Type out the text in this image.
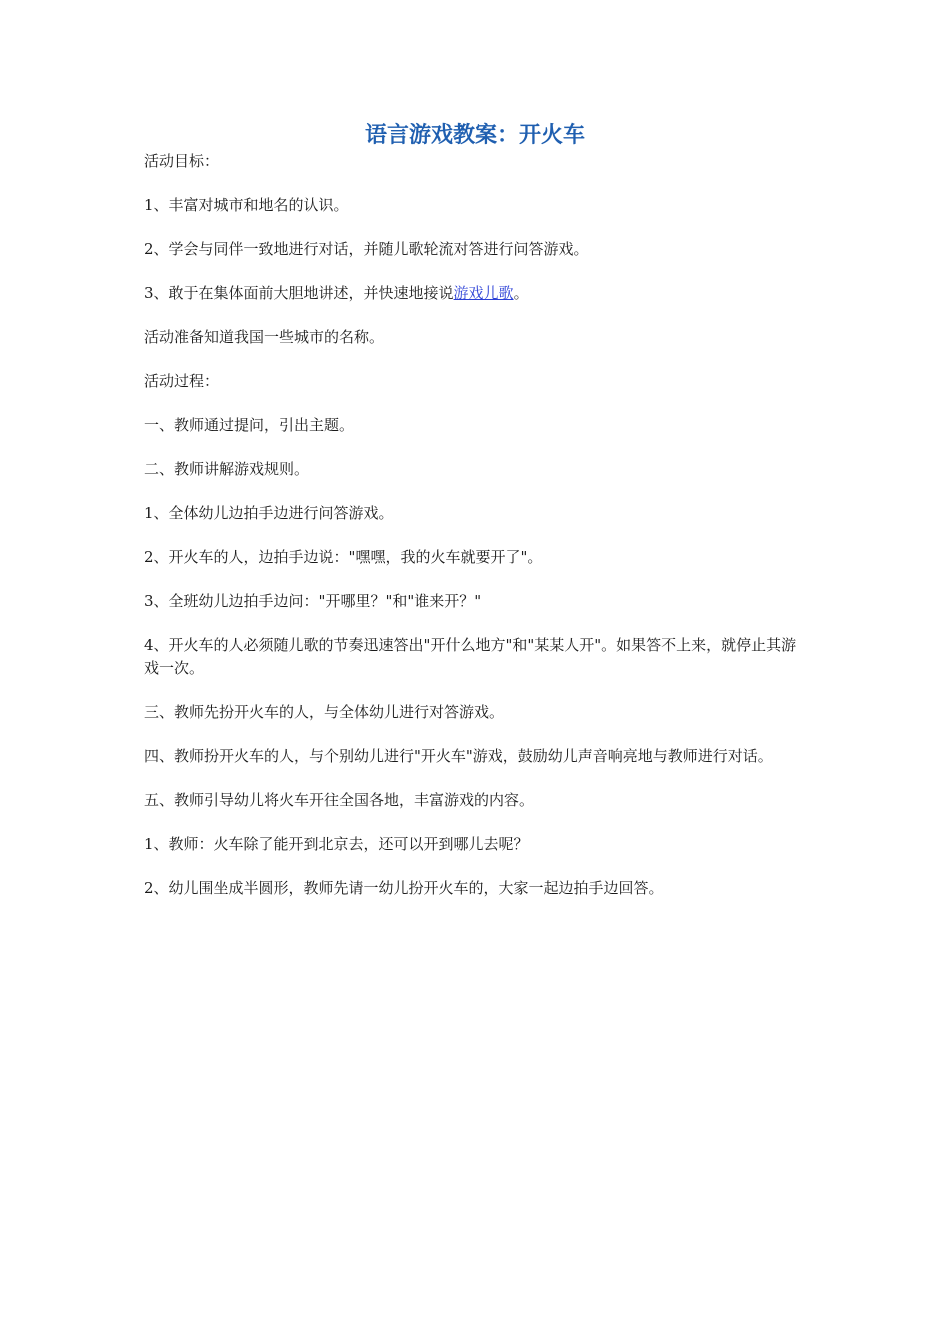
语言游戏教案：开火车

活动目标：

1、丰富对城市和地名的认识。

2、学会与同伴一致地进行对话，并随儿歌轮流对答进行问答游戏。

3、敢于在集体面前大胆地讲述，并快速地接说游戏儿歌。

活动准备知道我国一些城市的名称。

活动过程：

一、教师通过提问，引出主题。

二、教师讲解游戏规则。

1、全体幼儿边拍手边进行问答游戏。

2、开火车的人，边拍手边说："嘿嘿，我的火车就要开了"。

3、全班幼儿边拍手边问："开哪里？"和"谁来开？"

4、开火车的人必须随儿歌的节奏迅速答出"开什么地方"和"某某人开"。如果答不上来，就停止其游戏一次。

三、教师先扮开火车的人，与全体幼儿进行对答游戏。

四、教师扮开火车的人，与个别幼儿进行"开火车"游戏，鼓励幼儿声音响亮地与教师进行对话。

五、教师引导幼儿将火车开往全国各地，丰富游戏的内容。

1、教师：火车除了能开到北京去，还可以开到哪儿去呢？

2、幼儿围坐成半圆形，教师先请一幼儿扮开火车的，大家一起边拍手边回答。
